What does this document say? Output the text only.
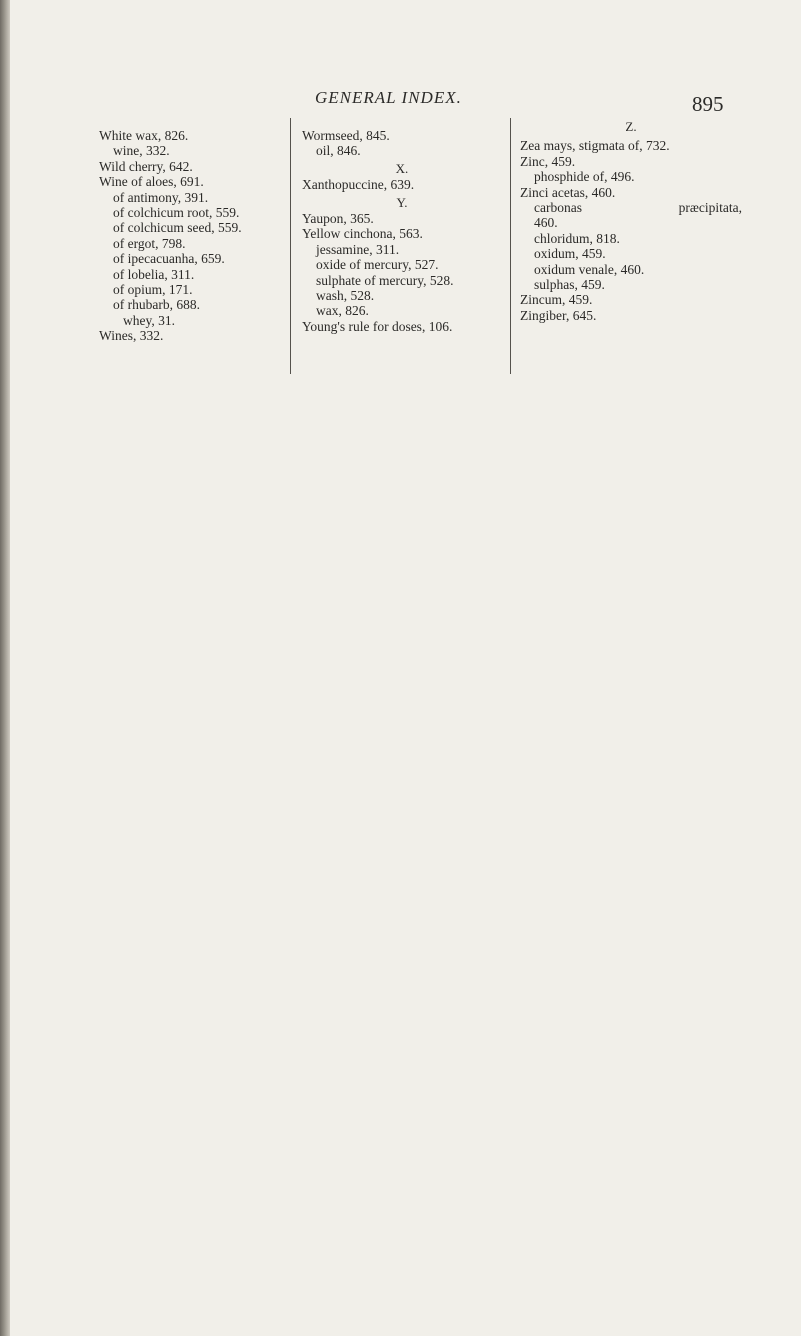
GENERAL INDEX.	895
White wax, 826.
wine, 332.
Wild cherry, 642.
Wine of aloes, 691.
of antimony, 391.
of colchicum root, 559.
of colchicum seed, 559.
of ergot, 798.
of ipecacuanha, 659.
of lobelia, 311.
of opium, 171.
of rhubarb, 688.
whey, 31.
Wines, 332.
Wormseed, 845.
oil, 846.
X.
Xanthopuccine, 639.
Y.
Yaupon, 365.
Yellow cinchona, 563.
jessamine, 311.
oxide of mercury, 527.
sulphate of mercury, 528.
wash, 528.
wax, 826.
Young's rule for doses, 106.
Z.
Zea mays, stigmata of, 732.
Zinc, 459.
phosphide of, 496.
Zinci acetas, 460.
carbonas	præcipitata,
460.
chloridum, 818.
oxidum, 459.
oxidum venale, 460.
sulphas, 459.
Zincum, 459.
Zingiber, 645.
